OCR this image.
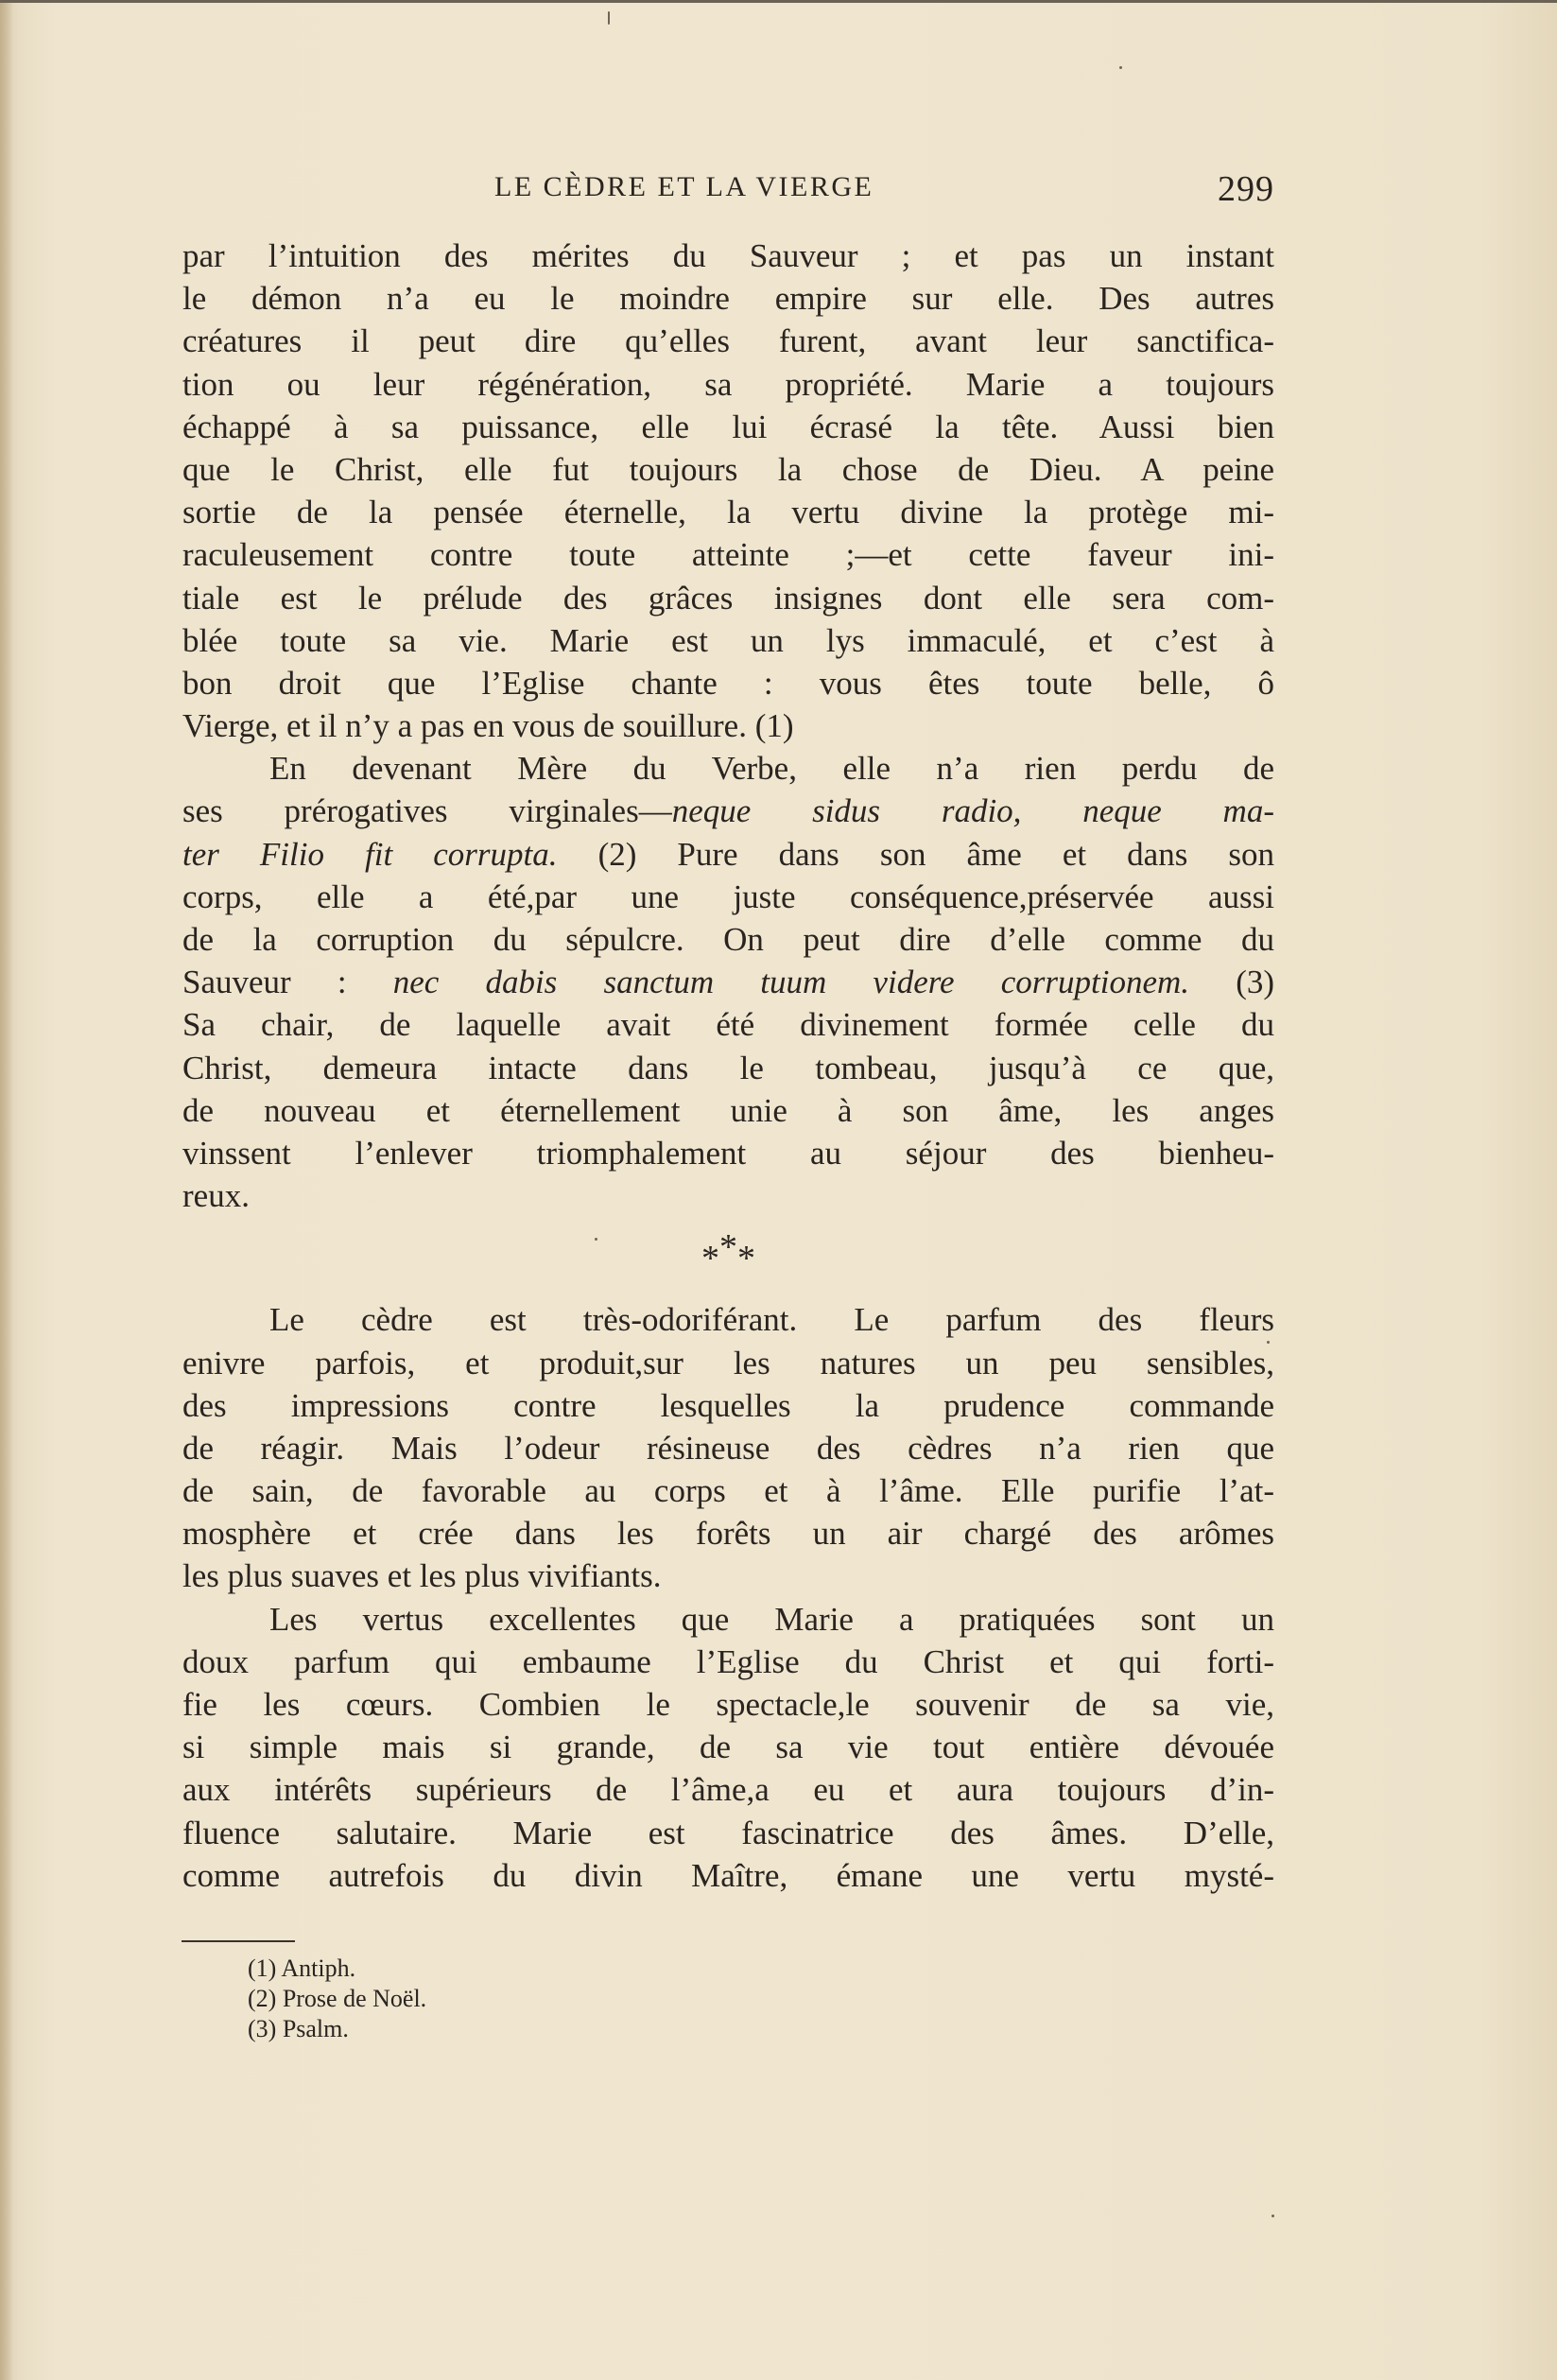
LE CÈDRE ET LA VIERGE	299
par l’intuition des mérites du Sauveur ; et pas un instant
le démon n’a eu le moindre empire sur elle. Des autres
créatures il peut dire qu’elles furent, avant leur sanctifica-
tion ou leur régénération, sa propriété. Marie a toujours
échappé à sa puissance, elle lui écrasé la tête. Aussi bien
que le Christ, elle fut toujours la chose de Dieu. A peine
sortie de la pensée éternelle, la vertu divine la protège mi-
raculeusement contre toute atteinte ;—et cette faveur ini-
tiale est le prélude des grâces insignes dont elle sera com-
blée toute sa vie. Marie est un lys immaculé, et c’est à
bon droit que l’Eglise chante : vous êtes toute belle, ô
Vierge, et il n’y a pas en vous de souillure. (1)
En devenant Mère du Verbe, elle n’a rien perdu de
ses prérogatives virginales—neque sidus radio, neque ma-
ter Filio fit corrupta. (2) Pure dans son âme et dans son
corps, elle a été,par une juste conséquence,préservée aussi
de la corruption du sépulcre. On peut dire d’elle comme du
Sauveur : nec dabis sanctum tuum videre corruptionem. (3)
Sa chair, de laquelle avait été divinement formée celle du
Christ, demeura intacte dans le tombeau, jusqu’à ce que,
de nouveau et éternellement unie à son âme, les anges
vinssent l’enlever triomphalement au séjour des bienheu-
reux.
***
Le cèdre est très-odoriférant. Le parfum des fleurs
enivre parfois, et produit,sur les natures un peu sensibles,
des impressions contre lesquelles la prudence commande
de réagir. Mais l’odeur résineuse des cèdres n’a rien que
de sain, de favorable au corps et à l’âme. Elle purifie l’at-
mosphère et crée dans les forêts un air chargé des arômes
les plus suaves et les plus vivifiants.
Les vertus excellentes que Marie a pratiquées sont un
doux parfum qui embaume l’Eglise du Christ et qui forti-
fie les cœurs. Combien le spectacle,le souvenir de sa vie,
si simple mais si grande, de sa vie tout entière dévouée
aux intérêts supérieurs de l’âme,a eu et aura toujours d’in-
fluence salutaire. Marie est fascinatrice des âmes. D’elle,
comme autrefois du divin Maître, émane une vertu mysté-
(1) Antiph.
(2) Prose de Noël.
(3) Psalm.
